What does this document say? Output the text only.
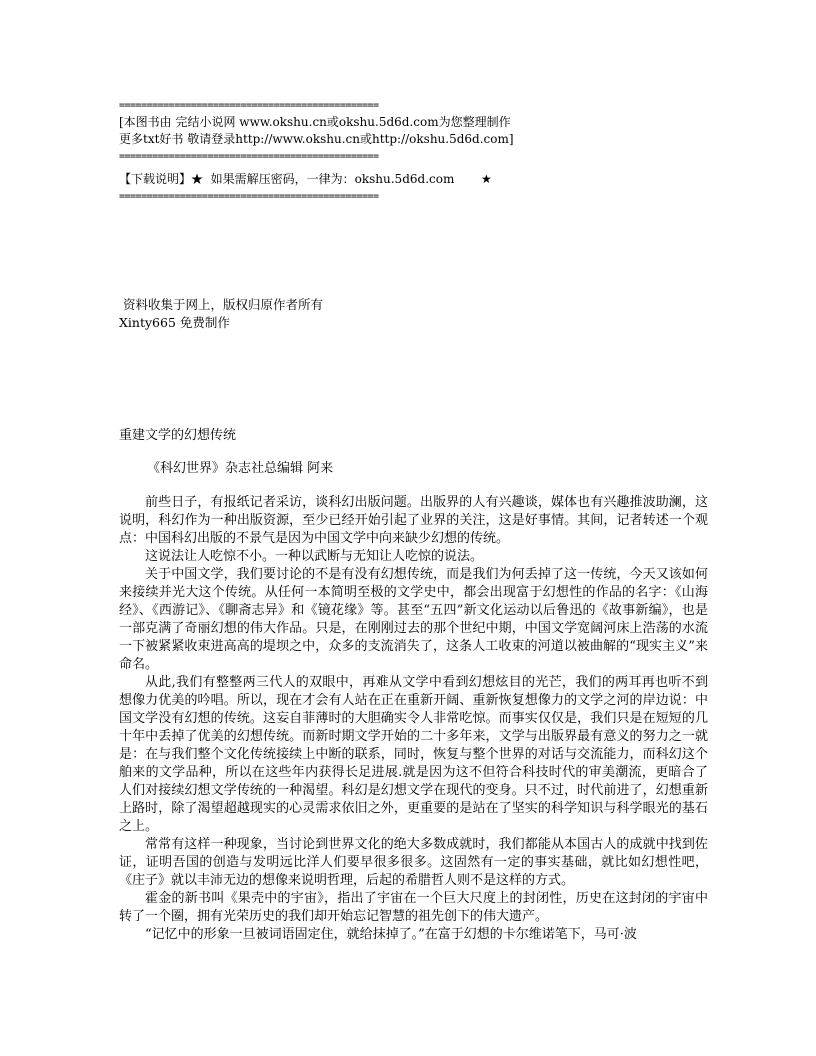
===============================================
[本图书由 完结小说网 www.okshu.cn或okshu.5d6d.com为您整理制作
更多txt好书 敬请登录http://www.okshu.cn或http://okshu.5d6d.com]
===============================================
【下载说明】★  如果需解压密码，一律为：okshu.5d6d.com       ★
===============================================
资料收集于网上，版权归原作者所有
Xinty665 免费制作
重建文学的幻想传统
《科幻世界》杂志社总编辑 阿来

前些日子，有报纸记者采访，谈科幻出版问题。出版界的人有兴趣谈，媒体也有兴趣推波助澜，这说明，科幻作为一种出版资源，至少已经开始引起了业界的关注，这是好事情。其间，记者转述一个观点：中国科幻出版的不景气是因为中国文学中向来缺少幻想的传统。

这说法让人吃惊不小。一种以武断与无知让人吃惊的说法。

关于中国文学，我们要讨论的不是有没有幻想传统，而是我们为何丢掉了这一传统，今天又该如何来接续并光大这个传统。从任何一本简明至极的文学史中，都会出现富于幻想性的作品的名字：《山海经》、《西游记》、《聊斋志异》和《镜花缘》等。甚至“五四”新文化运动以后鲁迅的《故事新编》，也是一部克满了奇丽幻想的伟大作品。只是，在刚刚过去的那个世纪中期，中国文学宽阔河床上浩荡的水流一下被紧紧收束进高高的堤坝之中，众多的支流消失了，这条人工收束的河道以被曲解的“现实主义”来命名。

从此,我们有整整两三代人的双眼中，再难从文学中看到幻想炫目的光芒，我们的两耳再也听不到想像力优美的吟唱。所以，现在才会有人站在正在重新开阔、重新恢复想像力的文学之河的岸边说：中国文学没有幻想的传统。这妄自菲薄时的大胆确实令人非常吃惊。而事实仅仅是，我们只是在短短的几十年中丢掉了优美的幻想传统。而新时期文学开始的二十多年来，文学与出版界最有意义的努力之一就是：在与我们整个文化传统接续上中断的联系，同时，恢复与整个世界的对话与交流能力，而科幻这个舶来的文学品种，所以在这些年内获得长足进展.就是因为这不但符合科技时代的审美潮流，更暗合了人们对接续幻想文学传统的一种渴望。科幻是幻想文学在现代的变身。只不过，时代前进了，幻想重新上路时，除了渴望超越现实的心灵需求依旧之外，更重要的是站在了坚实的科学知识与科学眼光的基石之上。

常常有这样一种现象，当讨论到世界文化的绝大多数成就时，我们都能从本国古人的成就中找到佐证，证明吾国的创造与发明远比洋人们要早很多很多。这固然有一定的事实基础，就比如幻想性吧，《庄子》就以丰沛无边的想像来说明哲理，后起的希腊哲人则不是这样的方式。

霍金的新书叫《果壳中的宇宙》，指出了宇宙在一个巨大尺度上的封闭性，历史在这封闭的宇宙中转了一个圈，拥有光荣历史的我们却开始忘记智慧的祖先创下的伟大遗产。

“记忆中的形象一旦被词语固定住，就给抹掉了。”在富于幻想的卡尔维诺笔下，马可·波
